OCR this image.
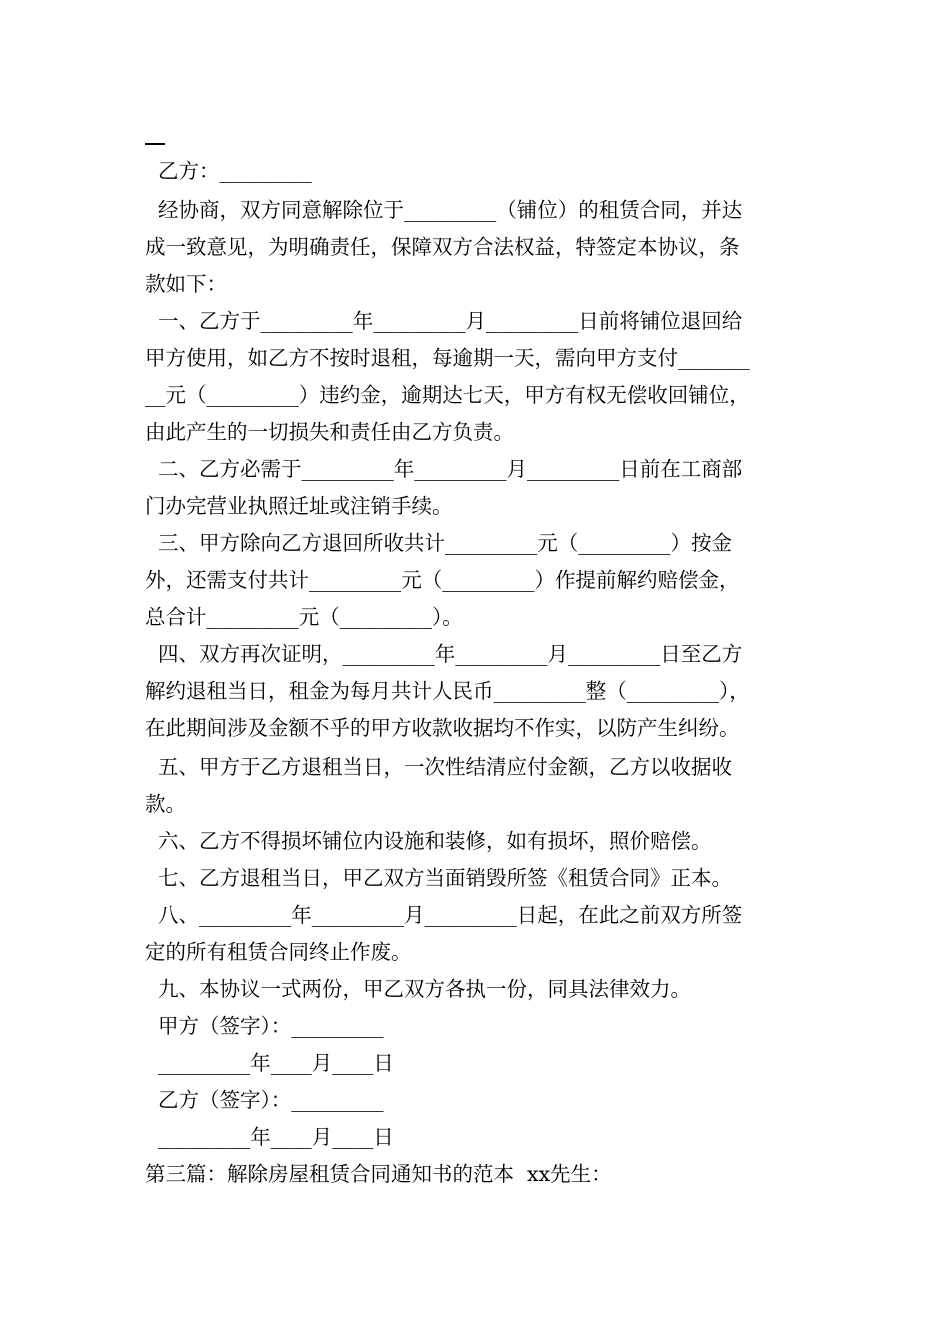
乙方：_________
经协商，双方同意解除位于_________（铺位）的租赁合同，并达
成一致意见，为明确责任，保障双方合法权益，特签定本协议，条
款如下：
一、乙方于_________年_________月_________日前将铺位退回给
甲方使用，如乙方不按时退租，每逾期一天，需向甲方支付_______
__元（_________）违约金，逾期达七天，甲方有权无偿收回铺位，
由此产生的一切损失和责任由乙方负责。
二、乙方必需于_________年_________月_________日前在工商部
门办完营业执照迁址或注销手续。
三、甲方除向乙方退回所收共计_________元（_________）按金
外，还需支付共计_________元（_________）作提前解约赔偿金，
总合计_________元（_________）。
四、双方再次证明，_________年_________月_________日至乙方
解约退租当日，租金为每月共计人民币_________整（_________），
在此期间涉及金额不乎的甲方收款收据均不作实，以防产生纠纷。
五、甲方于乙方退租当日，一次性结清应付金额，乙方以收据收
款。
六、乙方不得损坏铺位内设施和装修，如有损坏，照价赔偿。
七、乙方退租当日，甲乙双方当面销毁所签《租赁合同》正本。
八、_________年_________月_________日起，在此之前双方所签
定的所有租赁合同终止作废。
九、本协议一式两份，甲乙双方各执一份，同具法律效力。
甲方（签字）：_________
_________年____月____日
乙方（签字）：_________
_________年____月____日
第三篇：解除房屋租赁合同通知书的范本  xx先生：
